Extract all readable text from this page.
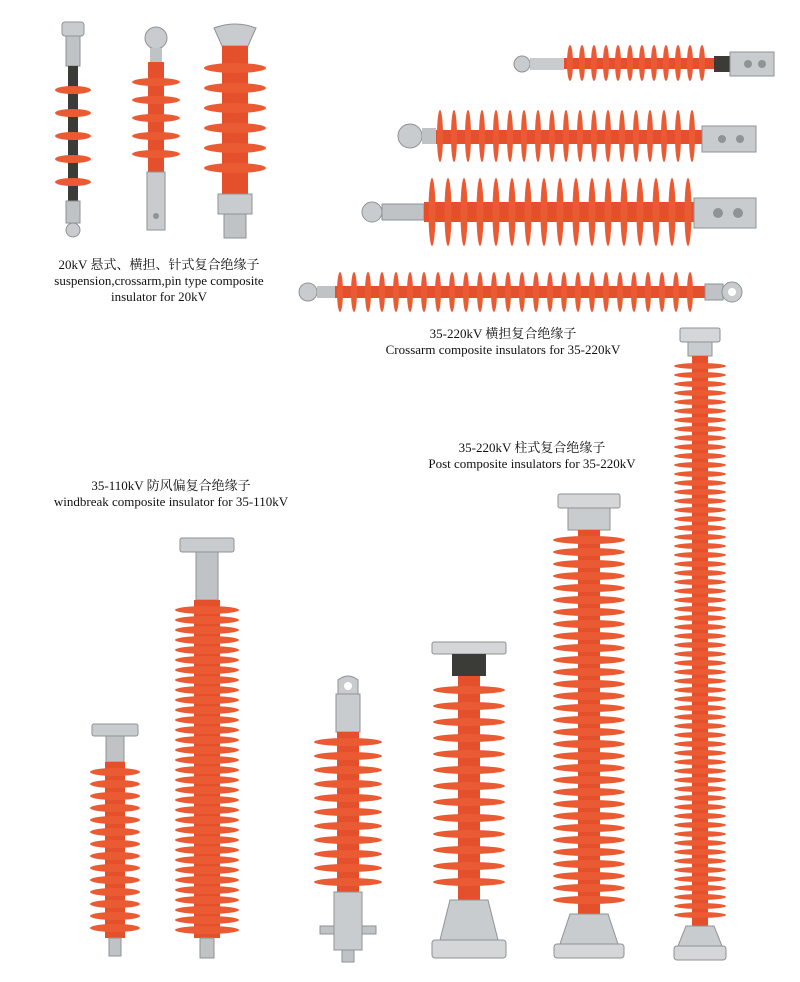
20kV 悬式、横担、针式复合绝缘子
suspension,crossarm,pin type composite
insulator for 20kV
35-220kV 横担复合绝缘子
Crossarm composite insulators for 35-220kV
35-220kV 柱式复合绝缘子
Post composite insulators for 35-220kV
35-110kV 防风偏复合绝缘子
windbreak composite insulator for 35-110kV
